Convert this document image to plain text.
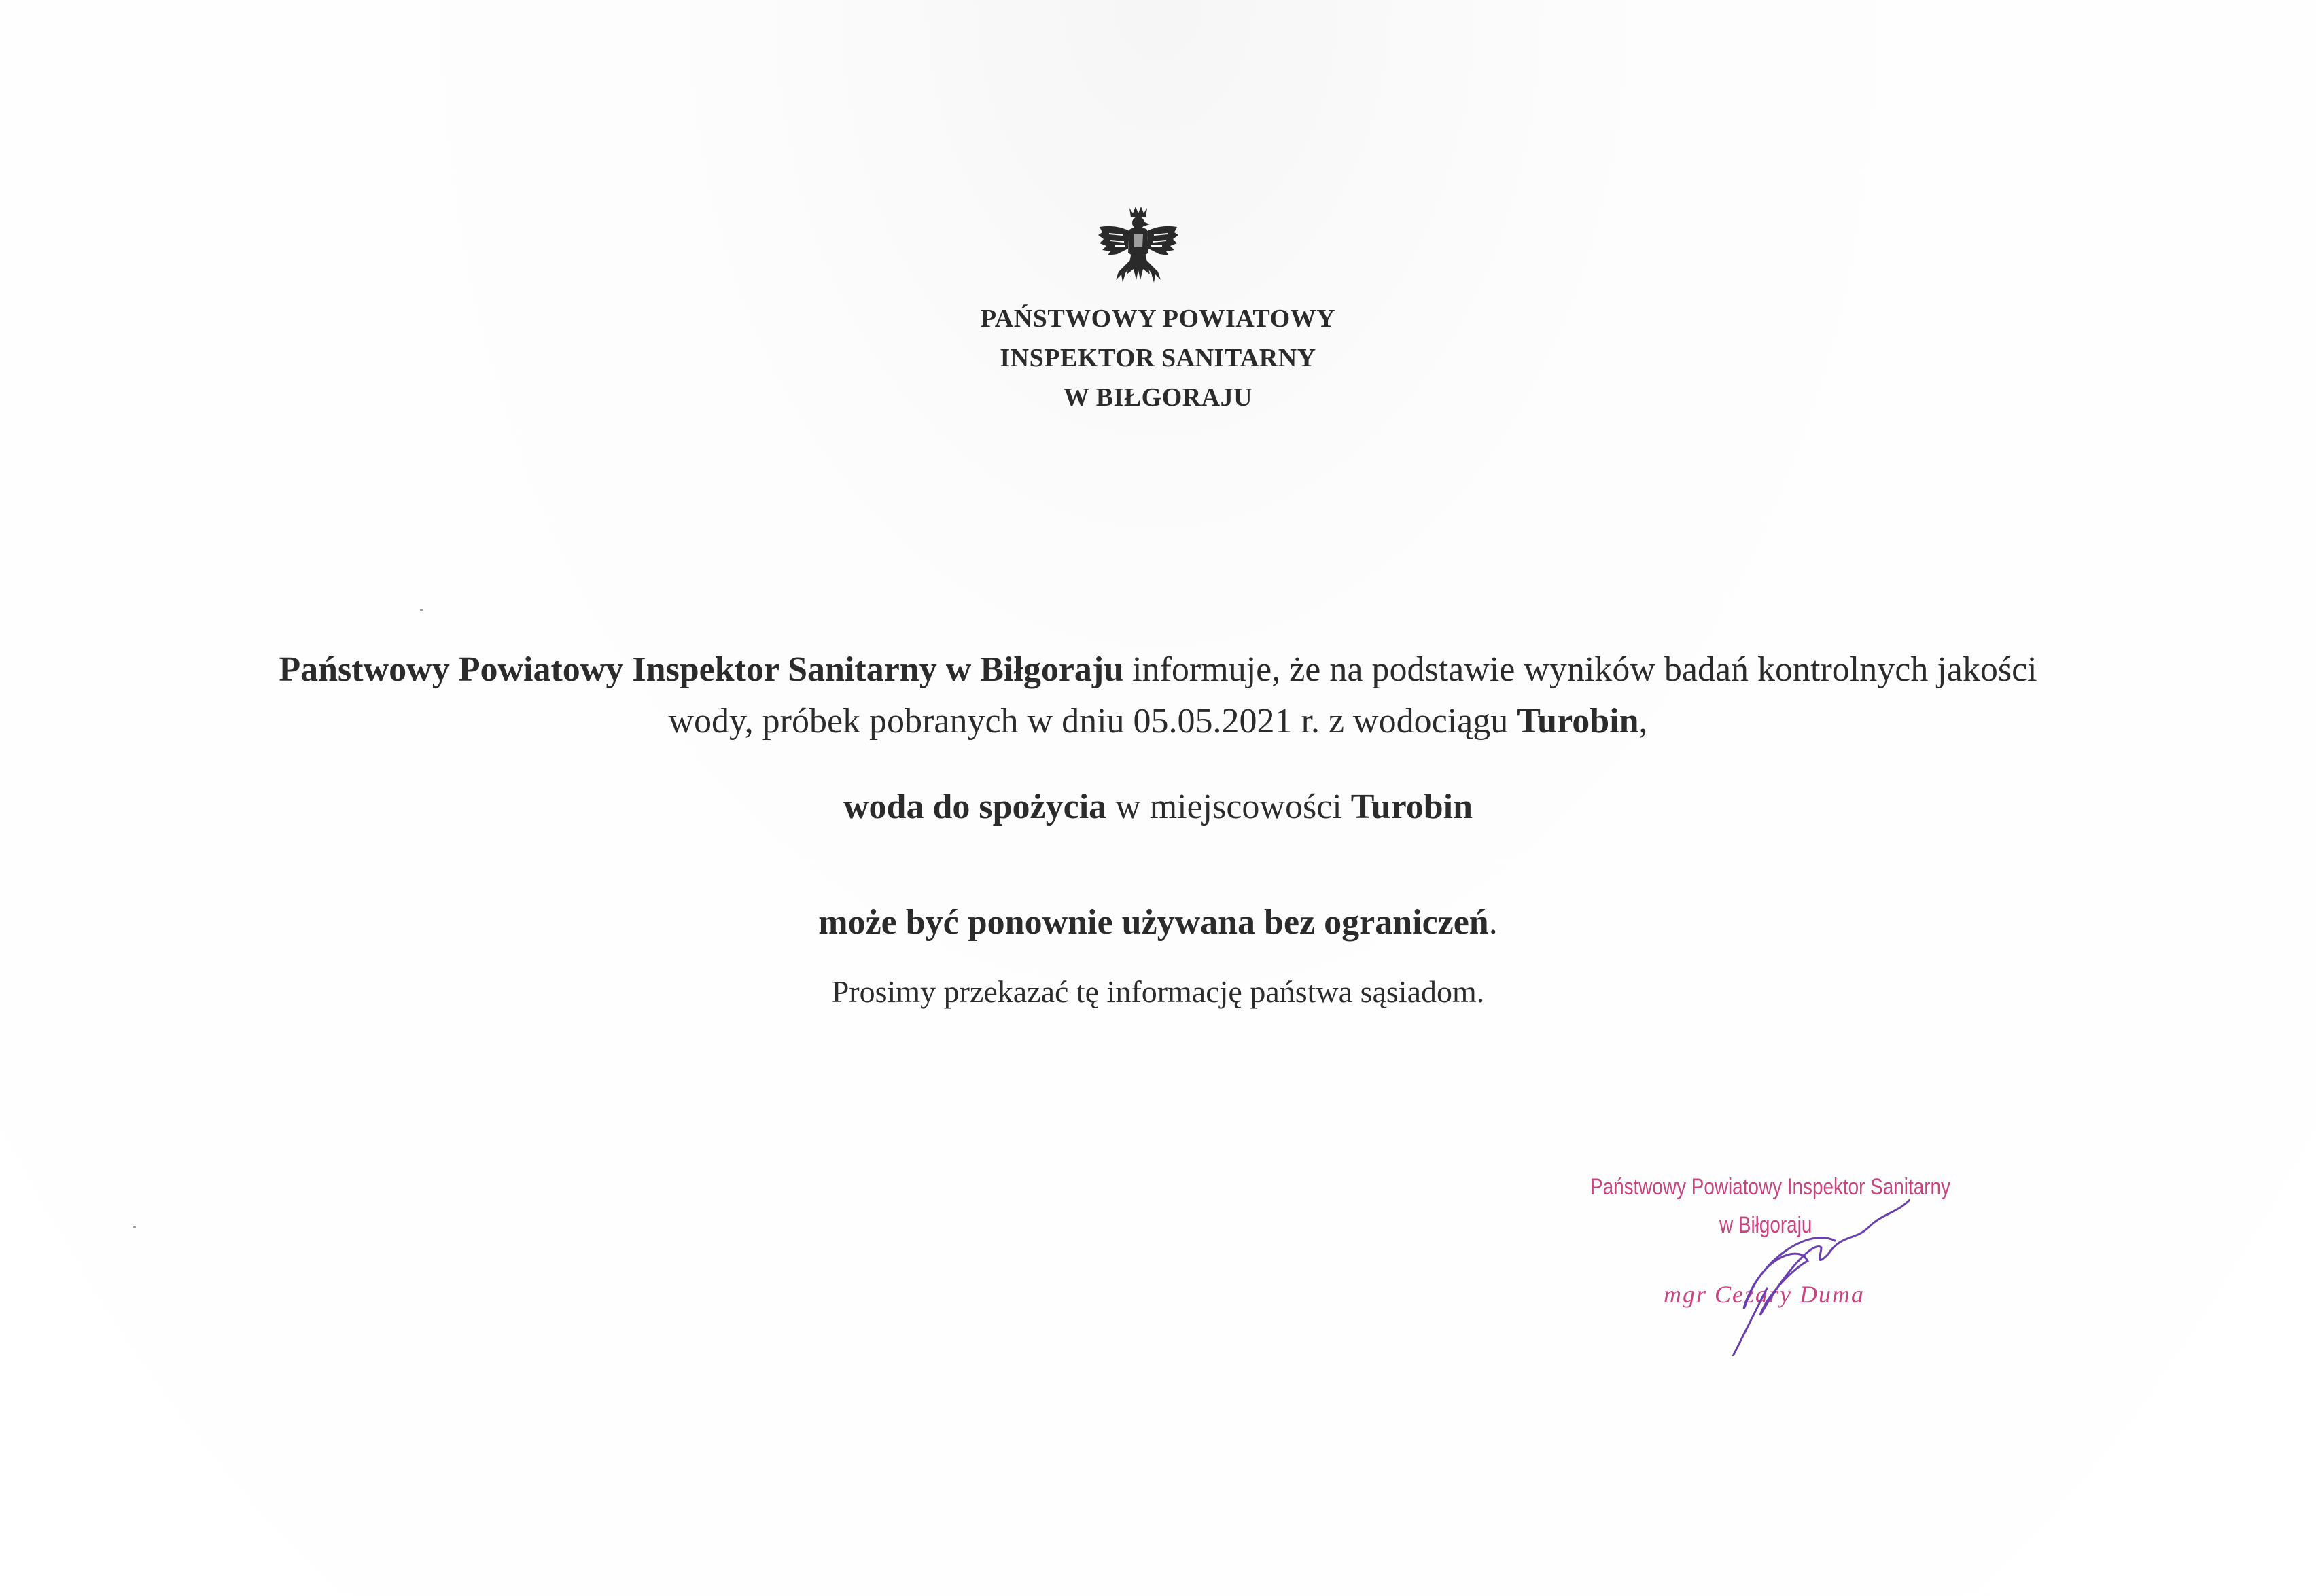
PAŃSTWOWY POWIATOWY
INSPEKTOR SANITARNY
W BIŁGORAJU
Państwowy Powiatowy Inspektor Sanitarny w Biłgoraju informuje, że na podstawie wyników badań kontrolnych jakości
wody, próbek pobranych w dniu 05.05.2021 r. z wodociągu Turobin,
woda do spożycia w miejscowości Turobin
może być ponownie używana bez ograniczeń.
Prosimy przekazać tę informację państwa sąsiadom.
Państwowy Powiatowy Inspektor Sanitarny
w Biłgoraju
mgr Cezary Duma
